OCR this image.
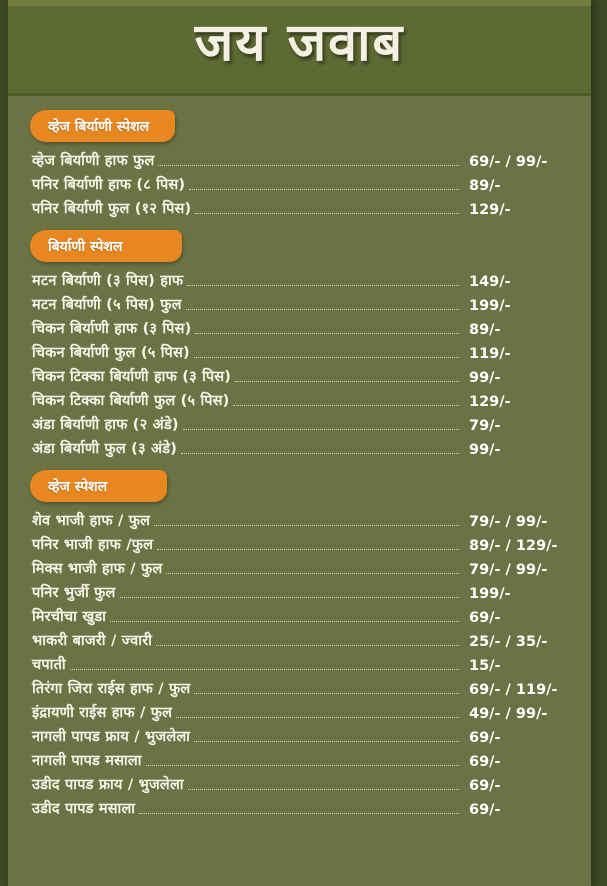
जय जवाब
व्हेज बिर्याणी स्पेशल
व्हेज बिर्याणी हाफ फुल	69/- / 99/-
पनिर बिर्याणी हाफ (८ पिस)	89/-
पनिर बिर्याणी फुल (१२ पिस)	129/-
बिर्याणी स्पेशल
मटन बिर्याणी (३ पिस) हाफ	149/-
मटन बिर्याणी (५ पिस) फुल	199/-
चिकन बिर्याणी हाफ (३ पिस)	89/-
चिकन बिर्याणी फुल (५ पिस)	119/-
चिकन टिक्का बिर्याणी हाफ (३ पिस)	99/-
चिकन टिक्का बिर्याणी फुल (५ पिस)	129/-
अंडा बिर्याणी हाफ (२ अंडे)	79/-
अंडा बिर्याणी फुल (३ अंडे)	99/-
व्हेज स्पेशल
शेव भाजी हाफ / फुल	79/- / 99/-
पनिर भाजी हाफ /फुल	89/- / 129/-
मिक्स भाजी हाफ / फुल	79/- / 99/-
पनिर भुर्जी फुल	199/-
मिरचीचा खुडा	69/-
भाकरी बाजरी / ज्वारी	25/- / 35/-
चपाती	15/-
तिरंगा जिरा राईस हाफ / फुल	69/- / 119/-
इंद्रायणी राईस हाफ / फुल	49/- / 99/-
नागली पापड फ्राय / भुजलेला	69/-
नागली पापड मसाला	69/-
उडीद पापड फ्राय / भुजलेला	69/-
उडीद पापड मसाला	69/-
